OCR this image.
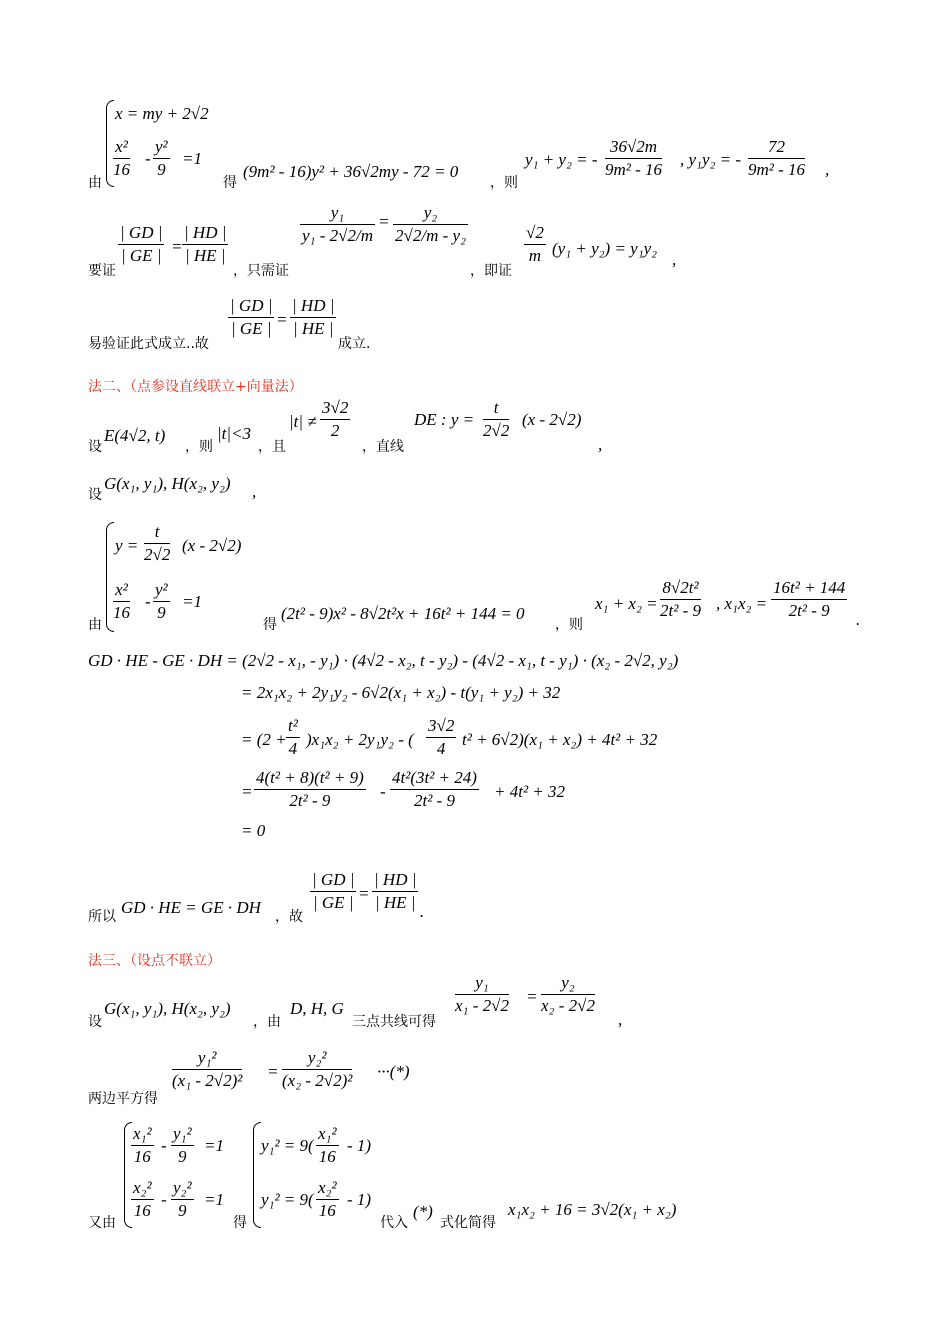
x = my + 2√2
$\frac{\text{x²}}{16} - \frac{\text{y²}}{9} =1$
由	得
(9m² - 16)y² + 36√2my - 72 = 0
，则
y₁ + y₂ = - $\frac{36√2m}{\text{9m² - 16}}$ , y₁y₂ = - $\frac{72}{\text{9m² - 16}}$ ,
要证
$\frac{| GD |}{| GE |} = \frac{| HD |}{| HE |}$
，只需证
$\frac{\text{y₁}}{\text{y₁ - 2√2/m}} = \frac{\text{y₂}}{\text{2√2/m - y₂}}$
，即证
$\frac{√2}{m} (y_1 + y_2) = y_1y_2$
,
易验证此式成立..故
$\frac{| GD |}{| GE |} = \frac{| HD |}{| HE |}$
成立.
法二、（点参设直线联立+向量法）
设
E(4√2, t)
，则
|t|<3
，且
$|t| \ne \frac{3√2}{2}$
，直线
DE : $y = \frac{t}{2√2} (x - 2√2)$
,
设
G(x₁, y₁), H(x₂, y₂) ,
$y = \frac{t}{2√2} (x - 2√2)$
$\frac{\text{x²}}{16} - \frac{\text{y²}}{9} =1$
由	得
(2t² - 9)x² - 8√2t²x + 16t² + 144 = 0
，则
$x_1 + x_2 = \frac{\text{8√2t²}}{\text{2t² - 9}}$ , $x_1x_2 = \frac{\text{16t² + 144}}{\text{2t² - 9}}$ .
GD · HE - GE · DH = (2√2 - x₁, - y₁) · (4√2 - x₂, t - y₂) - (4√2 - x₁, t - y₁) · (x₂ - 2√2, y₂)
= 2x₁x₂ + 2y₁y₂ - 6√2(x₁ + x₂) - t(y₁ + y₂) + 32
= $(2 + \frac{\text{t²}}{4} )x_1x_2 + 2y_1y_2$ - ( $\frac{3√2}{4} t^2 + 6√2)(x_1 + x_2) + 4t^2 + 32$
= $\frac{\text{4(t² + 8)(t² + 9)}}{\text{2t² - 9}} - \frac{\text{4t²(3t² + 24)}}{\text{2t² - 9}} + 4t^2 + 32$
= 0
所以 GD · HE = GE · DH ，故
$\frac{| GD |}{| GE |} = \frac{| HD |}{| HE |}$ .
法三、（设点不联立）
设
G(x₁, y₁), H(x₂, y₂)
，由
D, H, G
三点共线可得
$\frac{\text{y₁}}{\text{x₁ - 2√2}} = \frac{\text{y₂}}{\text{x₂ - 2√2}}$
,
两边平方得
$\frac{\text{y₁²}}{\text{(x₁ - 2√2)²}} = \frac{\text{y₂²}}{\text{(x₂ - 2√2)²}}$ ···(*)
$\frac{\text{x₁²}}{16} - \frac{\text{y₁²}}{9} =1$
$\frac{\text{x₂²}}{16} - \frac{\text{y₂²}}{9} =1$
又由	得
$y_1^2 = 9( \frac{\text{x₁²}}{16} - 1)$
$y_1^2 = 9( \frac{\text{x₂²}}{16} - 1)$
代入
(*)
式化简得
x₁x₂ + 16 = 3√2(x₁ + x₂)
